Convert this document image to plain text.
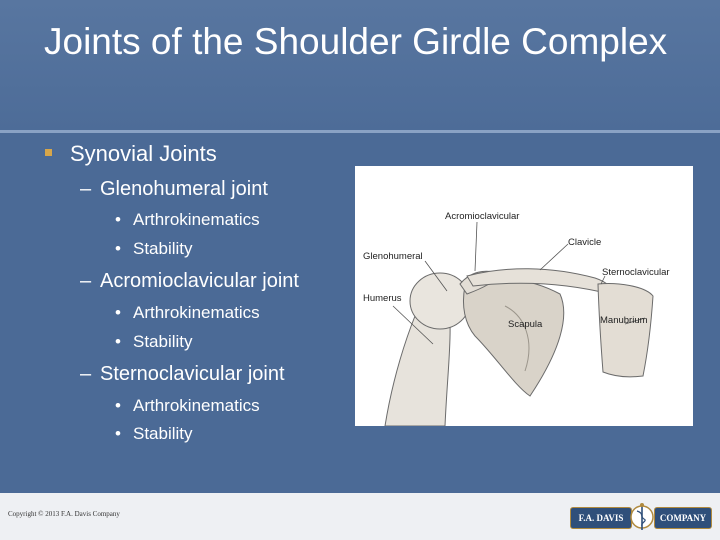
Joints of the Shoulder Girdle Complex
Synovial Joints
– Glenohumeral joint
• Arthrokinematics
• Stability
– Acromioclavicular joint
• Arthrokinematics
• Stability
– Sternoclavicular joint
• Arthrokinematics
• Stability
Acromioclavicular
Clavicle
Glenohumeral
Sternoclavicular
Humerus
Scapula	Manubrium
Copyright © 2013 F.A. Davis Company	F.A. DAVIS	COMPANY
